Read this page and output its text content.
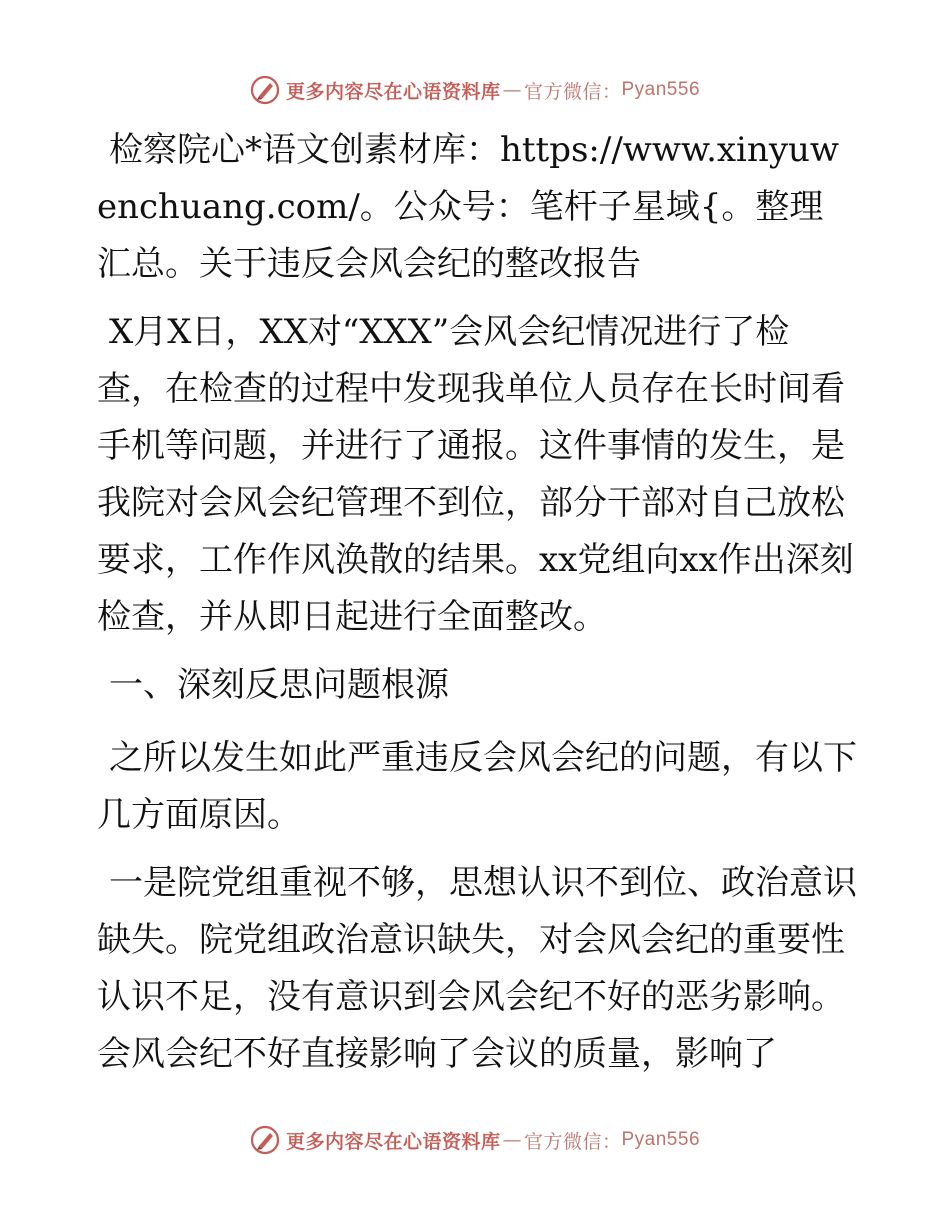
更多内容尽在心语资料库 — 官方微信： Pyan556

检察院心*语文创素材库：https://www.xinyuwenchuang.com/。公众号：笔杆子星域{。整理汇总。关于违反会风会纪的整改报告

X月X日，XX对“XXX”会风会纪情况进行了检查，在检查的过程中发现我单位人员存在长时间看手机等问题，并进行了通报。这件事情的发生，是我院对会风会纪管理不到位，部分干部对自己放松要求，工作作风涣散的结果。xx党组向xx作出深刻检查，并从即日起进行全面整改。

一、深刻反思问题根源

之所以发生如此严重违反会风会纪的问题，有以下几方面原因。

一是院党组重视不够，思想认识不到位、政治意识缺失。院党组政治意识缺失，对会风会纪的重要性认识不足，没有意识到会风会纪不好的恶劣影响。会风会纪不好直接影响了会议的质量，影响了

更多内容尽在心语资料库 — 官方微信： Pyan556
